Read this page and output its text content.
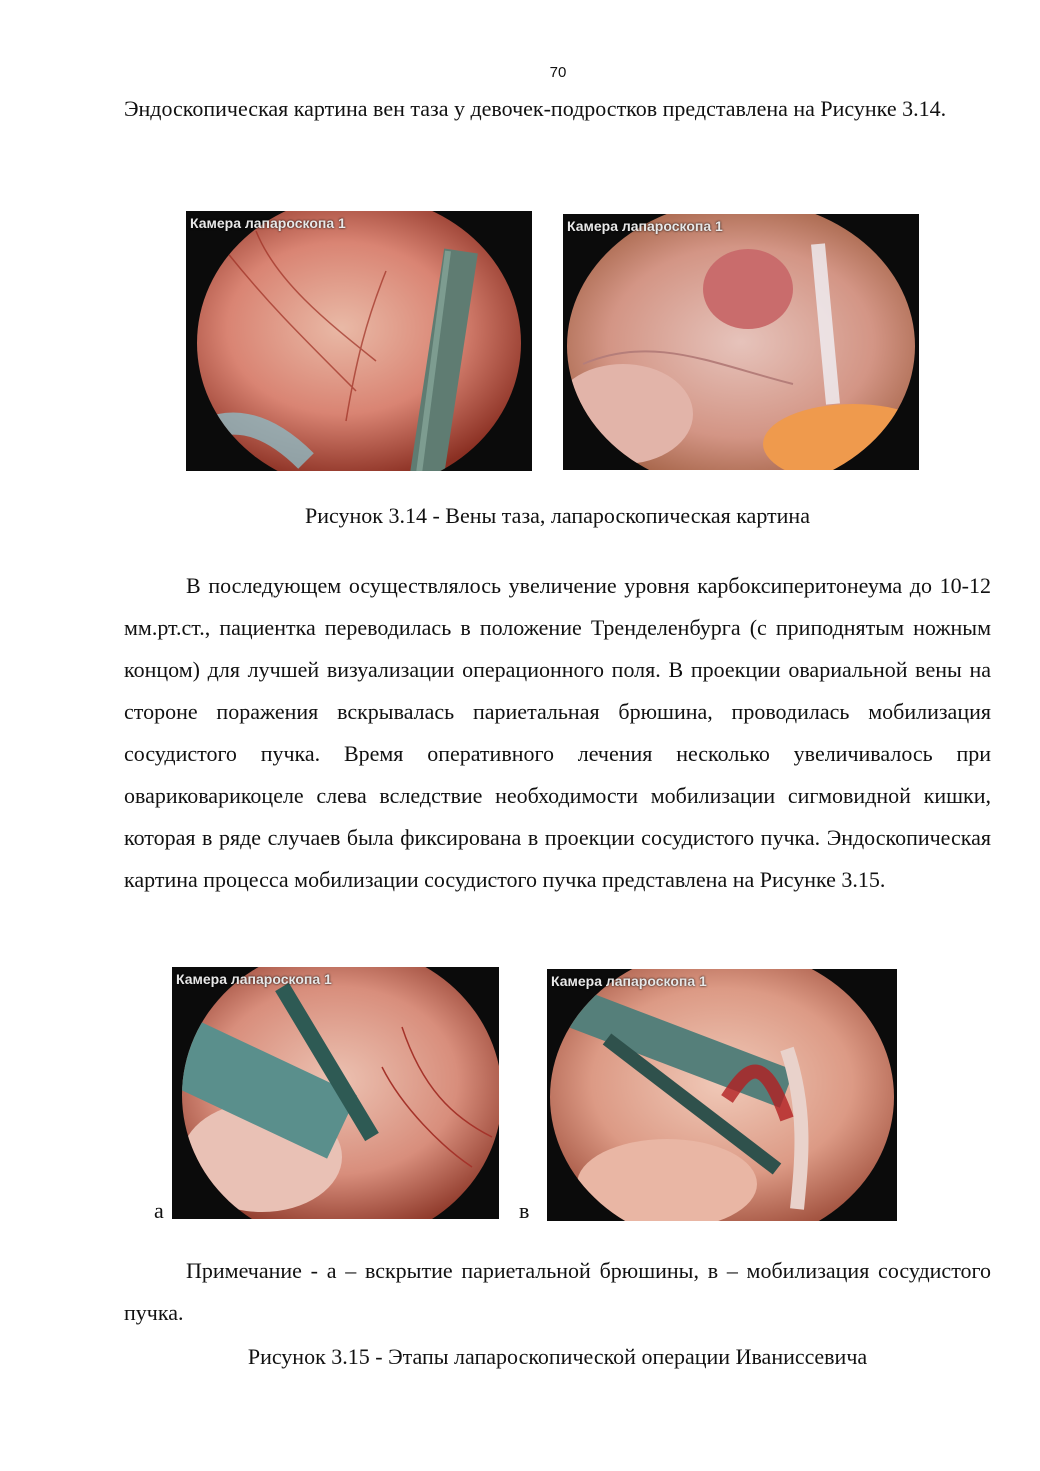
70

Эндоскопическая картина вен таза у девочек-подростков представлена на Рисунке 3.14.

Камера лапароскопа 1	Камера лапароскопа 1
Рисунок 3.14 - Вены таза, лапароскопическая картина

В последующем осуществлялось увеличение уровня карбоксиперитонеума до 10-12 мм.рт.ст., пациентка переводилась в положение Тренделенбурга (с приподнятым ножным концом) для лучшей визуализации операционного поля. В проекции овариальной вены на стороне поражения вскрывалась париетальная брюшина, проводилась мобилизация сосудистого пучка. Время оперативного лечения несколько увеличивалось при овариковарикоцеле слева вследствие необходимости мобилизации сигмовидной кишки, которая в ряде случаев была фиксирована в проекции сосудистого пучка. Эндоскопическая картина процесса мобилизации сосудистого пучка представлена на Рисунке 3.15.

а
Камера лапароскопа 1
в
Камера лапароскопа 1

Примечание - а – вскрытие париетальной брюшины, в – мобилизация сосудистого пучка.

Рисунок 3.15 - Этапы лапароскопической операции Иванисcевича
